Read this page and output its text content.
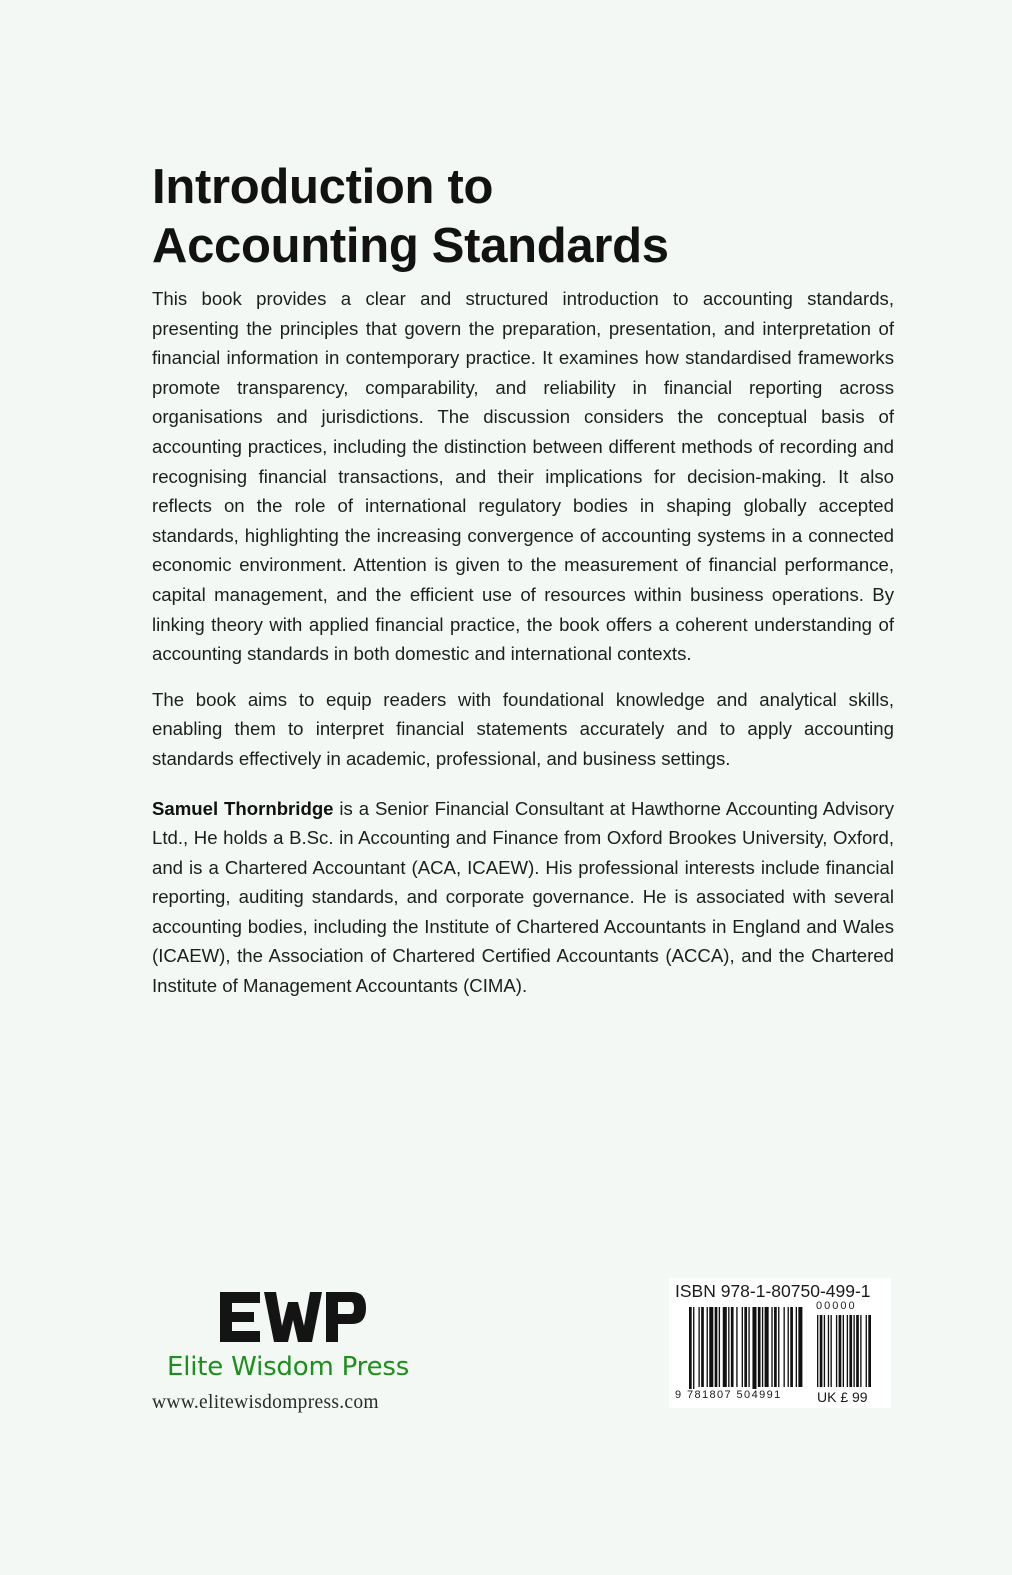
Introduction to
Accounting Standards

This book provides a clear and structured introduction to accounting standards, presenting the principles that govern the preparation, presentation, and interpretation of financial information in contemporary practice. It examines how standardised frameworks promote transparency, comparability, and reliability in financial reporting across organisations and jurisdictions. The discussion considers the conceptual basis of accounting practices, including the distinction between different methods of recording and recognising financial transactions, and their implications for decision-making. It also reflects on the role of international regulatory bodies in shaping globally accepted standards, highlighting the increasing convergence of accounting systems in a connected economic environment. Attention is given to the measurement of financial performance, capital management, and the efficient use of resources within business operations. By linking theory with applied financial practice, the book offers a coherent understanding of accounting standards in both domestic and international contexts.

The book aims to equip readers with foundational knowledge and analytical skills, enabling them to interpret financial statements accurately and to apply accounting standards effectively in academic, professional, and business settings.

Samuel Thornbridge is a Senior Financial Consultant at Hawthorne Accounting Advisory Ltd., He holds a B.Sc. in Accounting and Finance from Oxford Brookes University, Oxford, and is a Chartered Accountant (ACA, ICAEW). His professional interests include financial reporting, auditing standards, and corporate governance. He is associated with several accounting bodies, including the Institute of Chartered Accountants in England and Wales (ICAEW), the Association of Chartered Certified Accountants (ACCA), and the Chartered Institute of Management Accountants (CIMA).

Elite Wisdom Press
www.elitewisdompress.com
ISBN 978-1-80750-499-1
00000
9 781807 504991	UK £ 99
